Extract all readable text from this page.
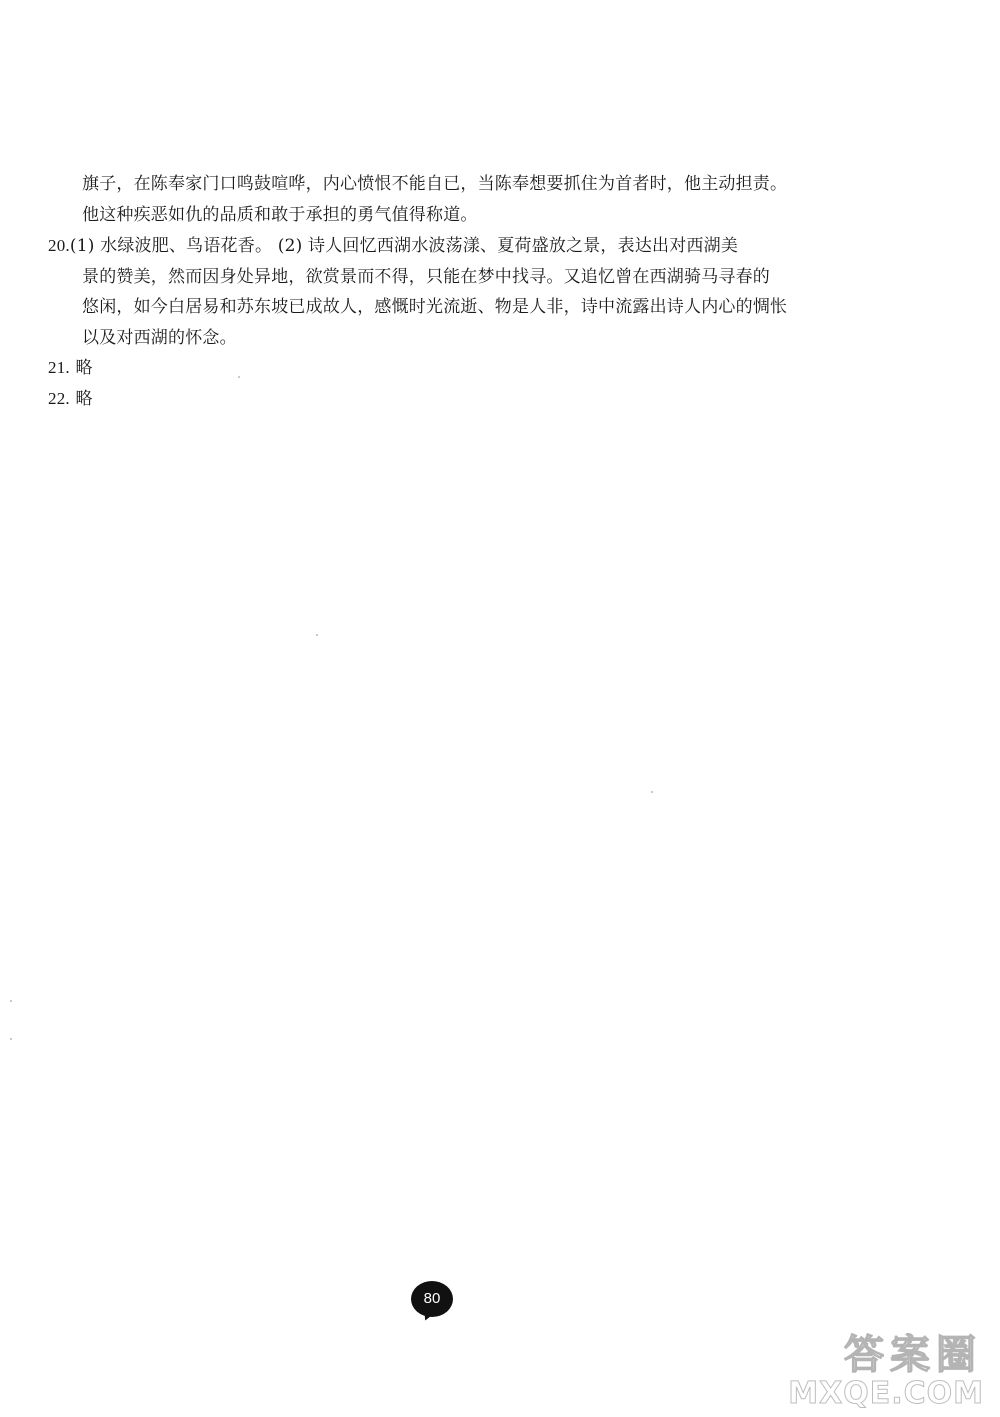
旗子，在陈奉家门口鸣鼓喧哗，内心愤恨不能自已，当陈奉想要抓住为首者时，他主动担责。
他这种疾恶如仇的品质和敢于承担的勇气值得称道。
20.(1) 水绿波肥、鸟语花香。 (2) 诗人回忆西湖水波荡漾、夏荷盛放之景，表达出对西湖美
景的赞美，然而因身处异地，欲赏景而不得，只能在梦中找寻。又追忆曾在西湖骑马寻春的
悠闲，如今白居易和苏东坡已成故人，感慨时光流逝、物是人非，诗中流露出诗人内心的惆怅
以及对西湖的怀念。
21. 略
22. 略
80
答案圈
MXQE.COM
